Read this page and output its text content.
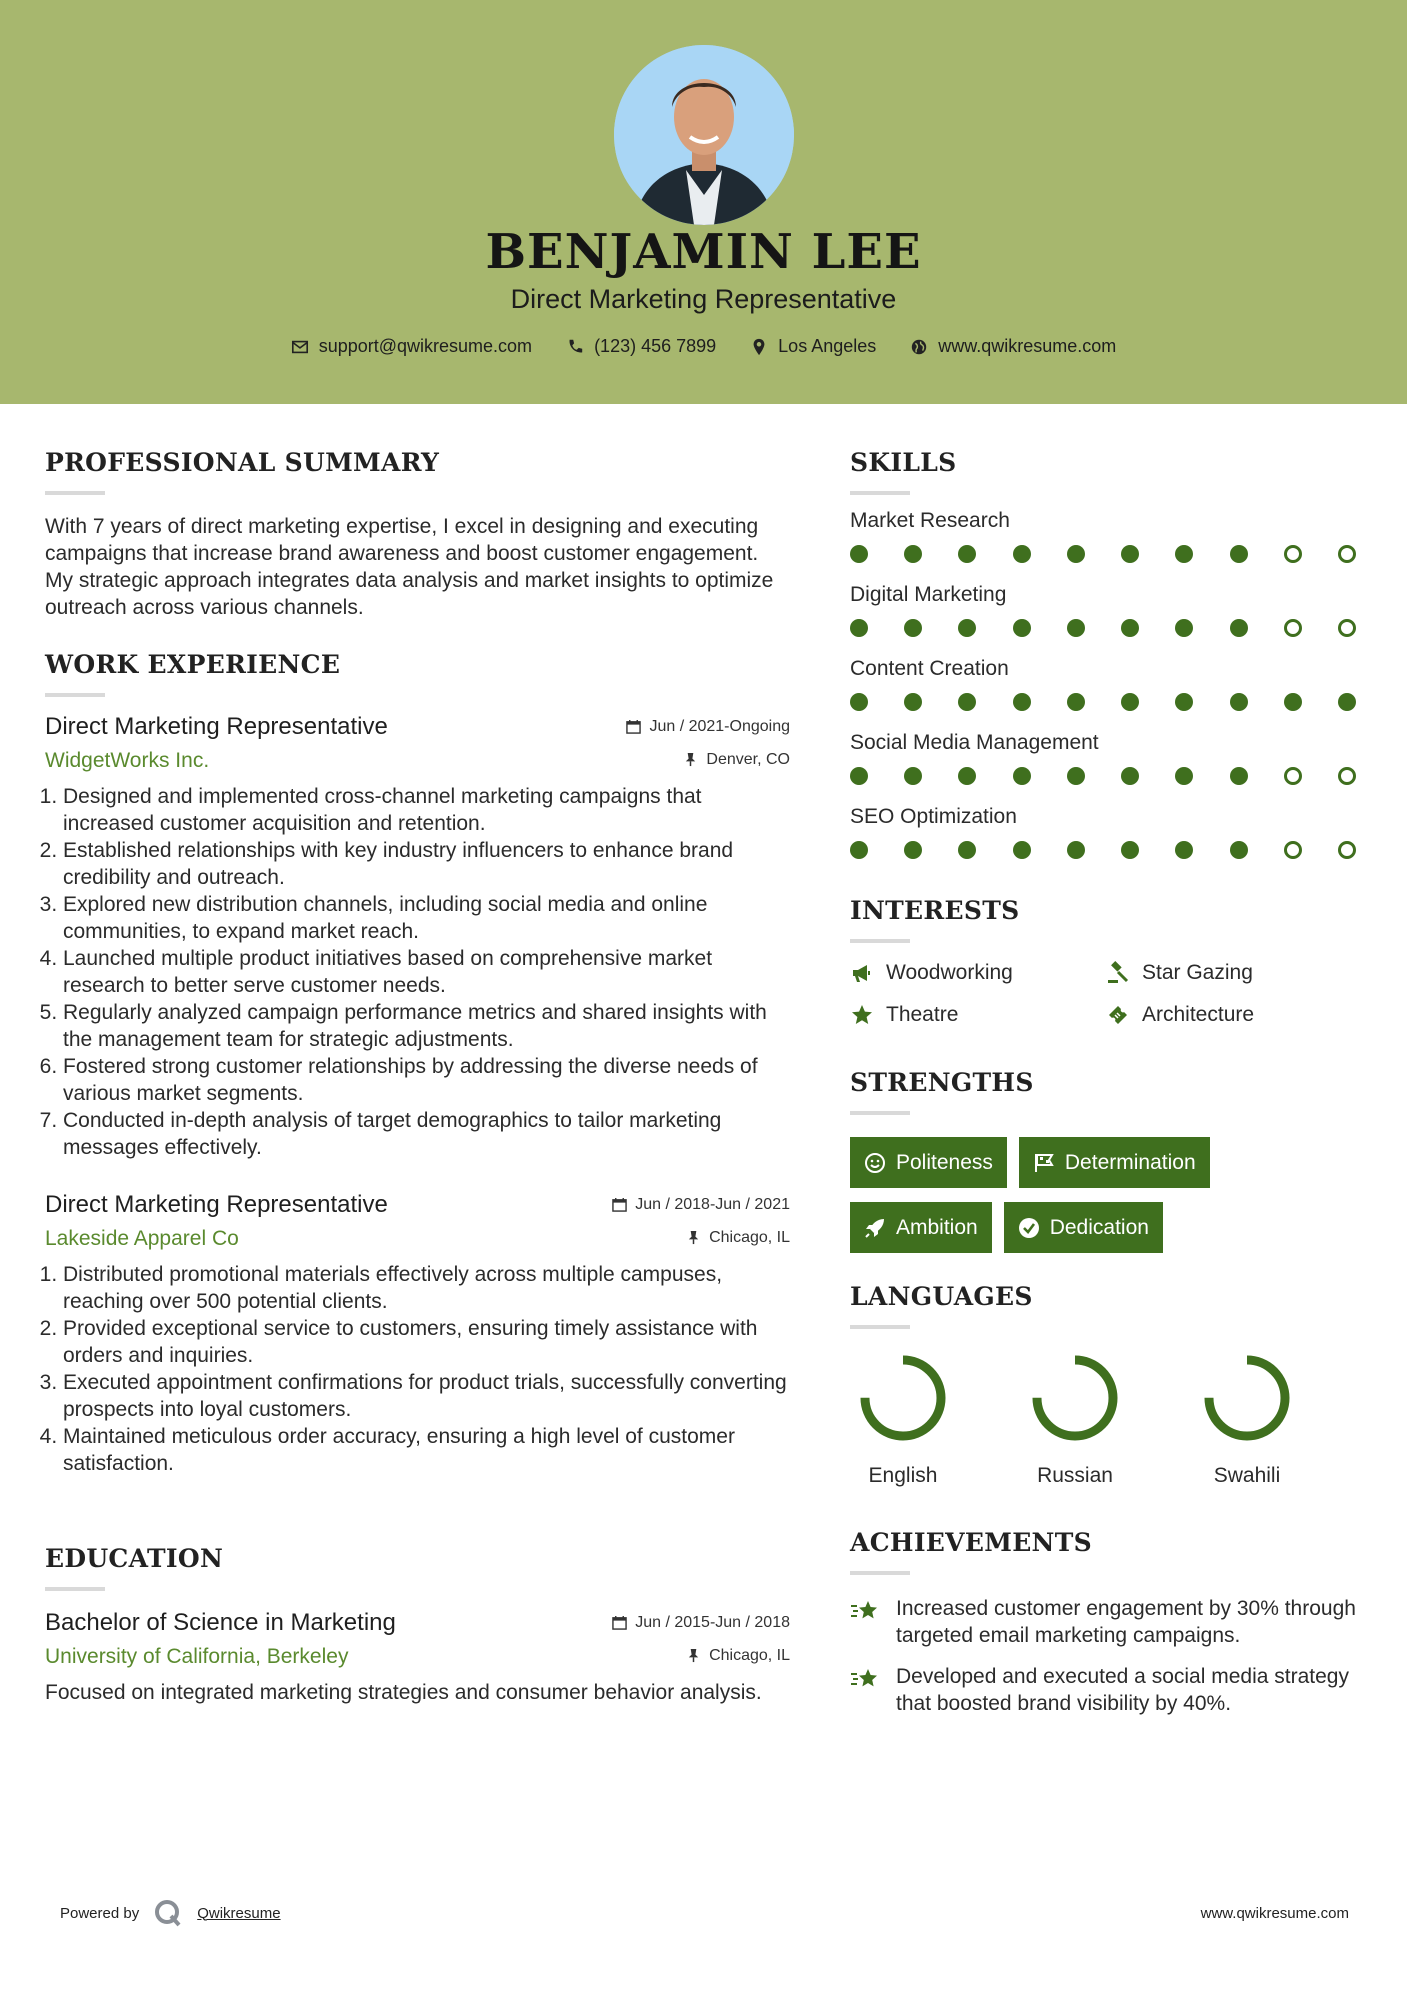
BENJAMIN LEE
Direct Marketing Representative
support@qwikresume.com	(123) 456 7899	Los Angeles	www.qwikresume.com
PROFESSIONAL SUMMARY
With 7 years of direct marketing expertise, I excel in designing and executing campaigns that increase brand awareness and boost customer engagement. My strategic approach integrates data analysis and market insights to optimize outreach across various channels.
WORK EXPERIENCE
Direct Marketing Representative	Jun / 2021-Ongoing
WidgetWorks Inc.	Denver, CO
1. Designed and implemented cross-channel marketing campaigns that increased customer acquisition and retention.
2. Established relationships with key industry influencers to enhance brand credibility and outreach.
3. Explored new distribution channels, including social media and online communities, to expand market reach.
4. Launched multiple product initiatives based on comprehensive market research to better serve customer needs.
5. Regularly analyzed campaign performance metrics and shared insights with the management team for strategic adjustments.
6. Fostered strong customer relationships by addressing the diverse needs of various market segments.
7. Conducted in-depth analysis of target demographics to tailor marketing messages effectively.
Direct Marketing Representative	Jun / 2018-Jun / 2021
Lakeside Apparel Co	Chicago, IL
1. Distributed promotional materials effectively across multiple campuses, reaching over 500 potential clients.
2. Provided exceptional service to customers, ensuring timely assistance with orders and inquiries.
3. Executed appointment confirmations for product trials, successfully converting prospects into loyal customers.
4. Maintained meticulous order accuracy, ensuring a high level of customer satisfaction.
EDUCATION
Bachelor of Science in Marketing	Jun / 2015-Jun / 2018
University of California, Berkeley	Chicago, IL
Focused on integrated marketing strategies and consumer behavior analysis.
SKILLS
Market Research
Digital Marketing
Content Creation
Social Media Management
SEO Optimization
INTERESTS
Woodworking	Star Gazing
Theatre	Architecture
STRENGTHS
Politeness	Determination
Ambition	Dedication
LANGUAGES
English	Russian	Swahili
ACHIEVEMENTS
Increased customer engagement by 30% through targeted email marketing campaigns.
Developed and executed a social media strategy that boosted brand visibility by 40%.
Powered by	Qwikresume	www.qwikresume.com
